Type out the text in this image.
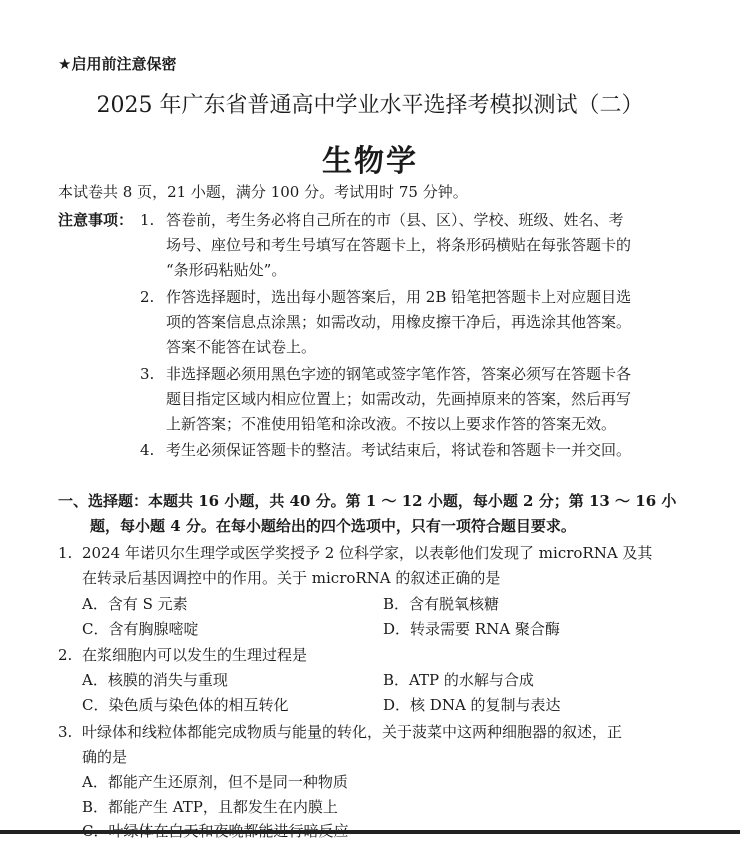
★启用前注意保密
2025 年广东省普通高中学业水平选择考模拟测试（二）
生物学
本试卷共 8 页，21 小题，满分 100 分。考试用时 75 分钟。
注意事项： 1. 答卷前，考生务必将自己所在的市（县、区）、学校、班级、姓名、考
场号、座位号和考生号填写在答题卡上，将条形码横贴在每张答题卡的
“条形码粘贴处”。
2. 作答选择题时，选出每小题答案后，用 2B 铅笔把答题卡上对应题目选
项的答案信息点涂黑；如需改动，用橡皮擦干净后，再选涂其他答案。
答案不能答在试卷上。
3. 非选择题必须用黑色字迹的钢笔或签字笔作答，答案必须写在答题卡各
题目指定区域内相应位置上；如需改动，先画掉原来的答案，然后再写
上新答案；不准使用铅笔和涂改液。不按以上要求作答的答案无效。
4. 考生必须保证答题卡的整洁。考试结束后，将试卷和答题卡一并交回。
一、选择题：本题共 16 小题，共 40 分。第 1 ～ 12 小题，每小题 2 分；第 13 ～ 16 小
题，每小题 4 分。在每小题给出的四个选项中，只有一项符合题目要求。
1. 2024 年诺贝尔生理学或医学奖授予 2 位科学家，以表彰他们发现了 microRNA 及其
在转录后基因调控中的作用。关于 microRNA 的叙述正确的是
A．含有 S 元素	B．含有脱氧核糖
C．含有胸腺嘧啶	D．转录需要 RNA 聚合酶
2. 在浆细胞内可以发生的生理过程是
A．核膜的消失与重现	B．ATP 的水解与合成
C．染色质与染色体的相互转化	D．核 DNA 的复制与表达
3. 叶绿体和线粒体都能完成物质与能量的转化，关于菠菜中这两种细胞器的叙述，正
确的是
A．都能产生还原剂，但不是同一种物质
B．都能产生 ATP，且都发生在内膜上
